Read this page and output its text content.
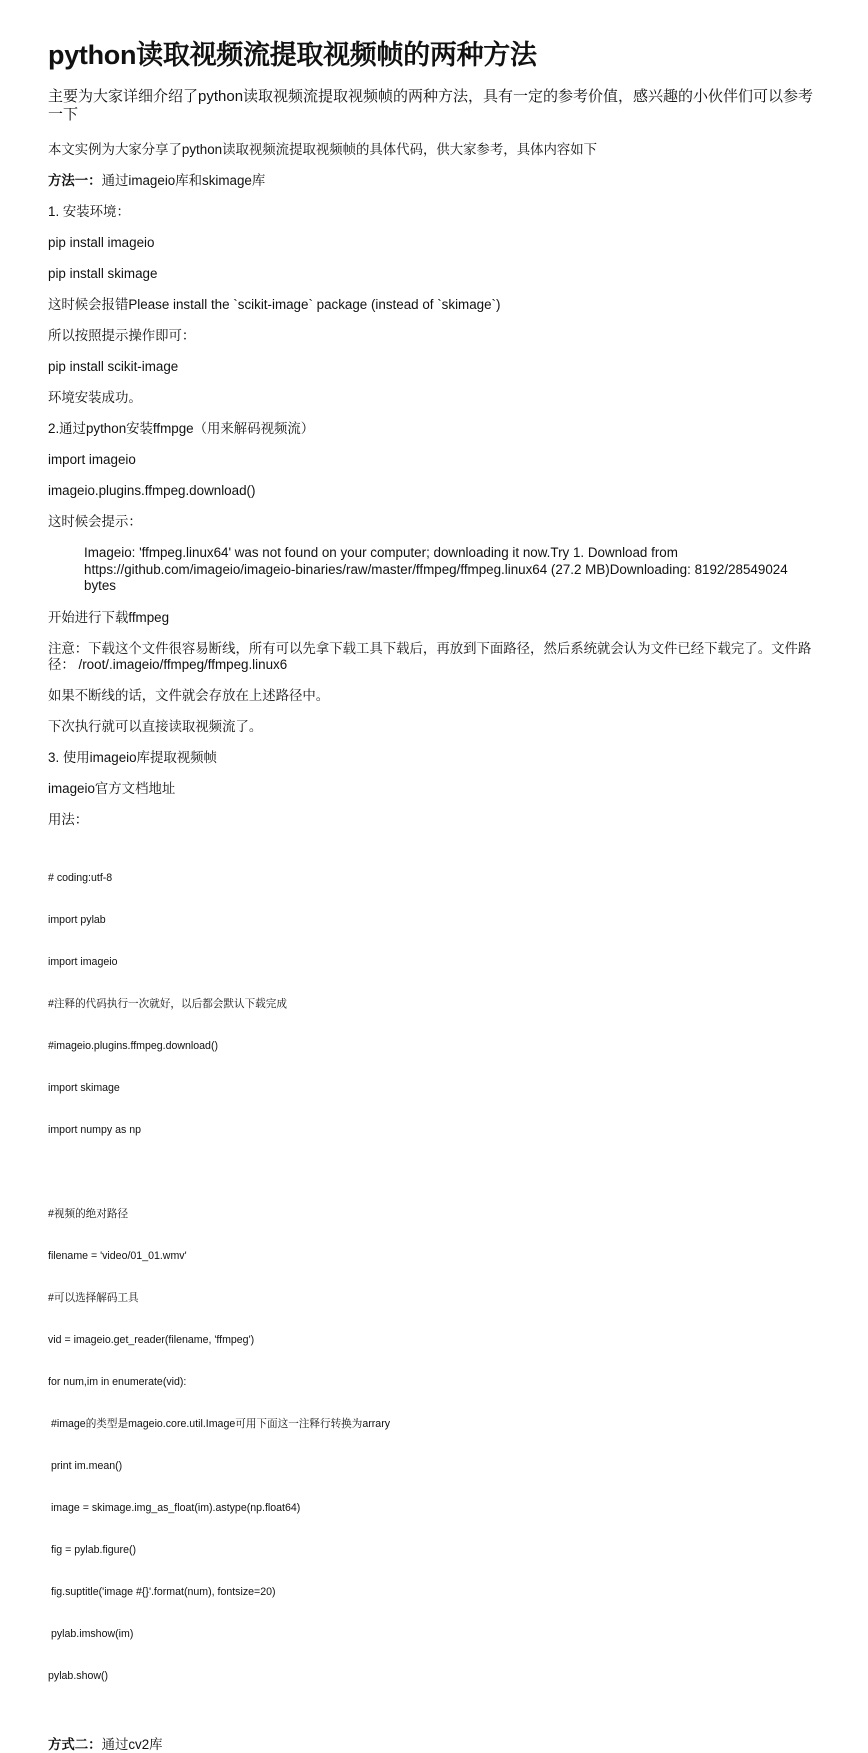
python读取视频流提取视频帧的两种方法

主要为大家详细介绍了python读取视频流提取视频帧的两种方法，具有一定的参考价值，感兴趣的小伙伴们可以参考一下

本文实例为大家分享了python读取视频流提取视频帧的具体代码，供大家参考，具体内容如下

方法一：通过imageio库和skimage库

1. 安装环境：

pip install imageio

pip install skimage

这时候会报错Please install the `scikit-image` package (instead of `skimage`)

所以按照提示操作即可：

pip install scikit-image

环境安装成功。

2.通过python安装ffmpge（用来解码视频流）

import imageio

imageio.plugins.ffmpeg.download()

这时候会提示：

Imageio: 'ffmpeg.linux64' was not found on your computer; downloading it now.Try 1. Download from https://github.com/imageio/imageio-binaries/raw/master/ffmpeg/ffmpeg.linux64 (27.2 MB)Downloading: 8192/28549024 bytes

开始进行下载ffmpeg

注意：下载这个文件很容易断线，所有可以先拿下载工具下载后，再放到下面路径，然后系统就会认为文件已经下载完了。文件路径： /root/.imageio/ffmpeg/ffmpeg.linux6

如果不断线的话，文件就会存放在上述路径中。

下次执行就可以直接读取视频流了。

3. 使用imageio库提取视频帧

imageio官方文档地址

用法：

# coding:utf-8

import pylab

import imageio

#注释的代码执行一次就好，以后都会默认下载完成

#imageio.plugins.ffmpeg.download()

import skimage

import numpy as np

#视频的绝对路径

filename = 'video/01_01.wmv'

#可以选择解码工具

vid = imageio.get_reader(filename, 'ffmpeg')

for num,im in enumerate(vid):

#image的类型是mageio.core.util.Image可用下面这一注释行转换为arrary

print im.mean()

image = skimage.img_as_float(im).astype(np.float64)

fig = pylab.figure()

fig.suptitle('image #{}'.format(num), fontsize=20)

pylab.imshow(im)

pylab.show()

方式二：通过cv2库
